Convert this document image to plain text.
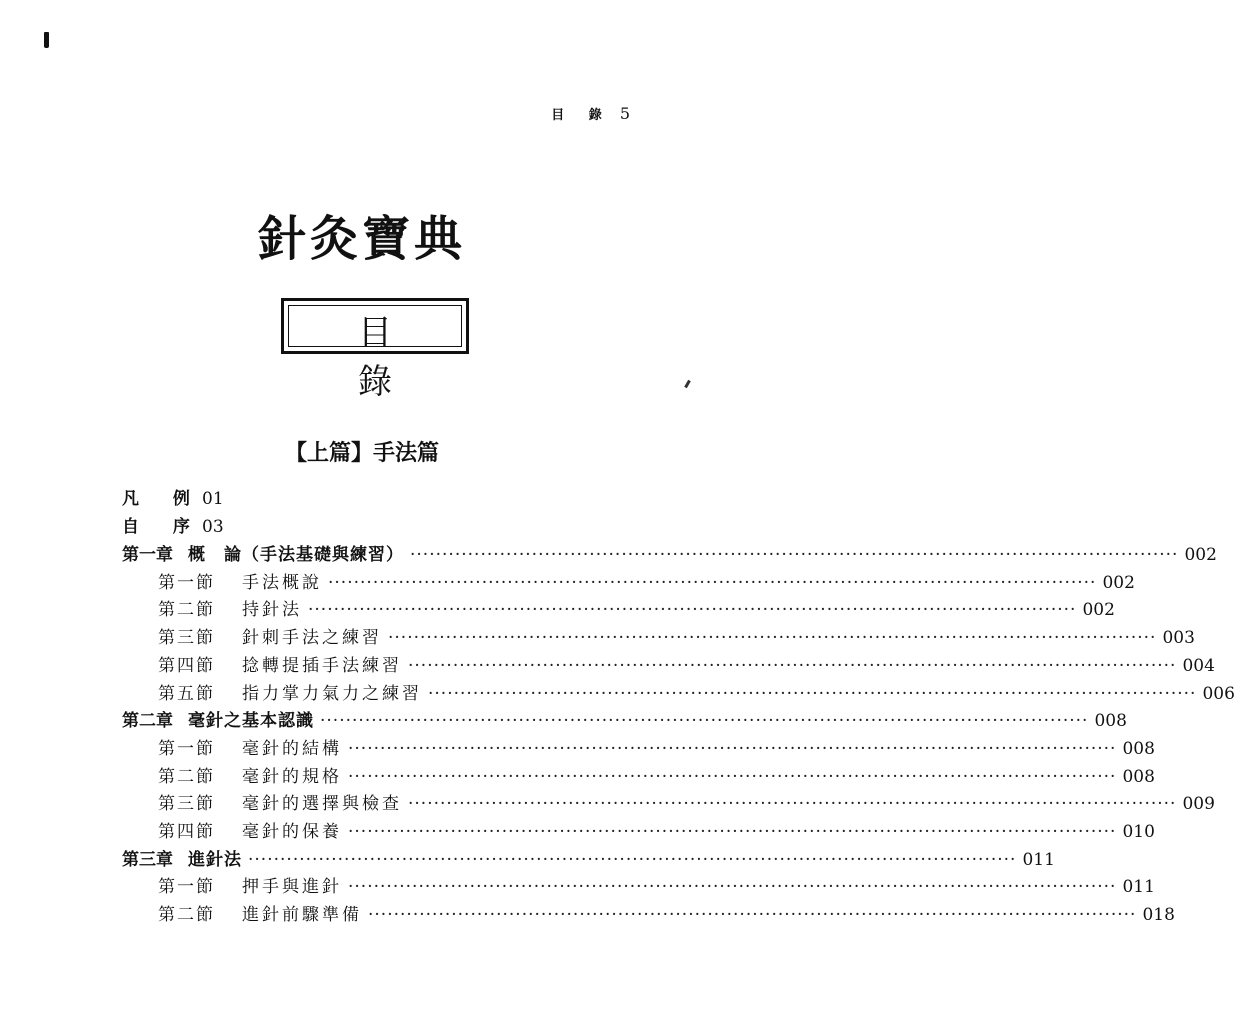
目 錄 5
針灸寶典
目 錄
【上篇】手法篇
凡 例01
自 序03
第一章 概　論（手法基礎與練習） ························································································································ 002
第一節	手法概說 ························································································································ 002
第二節	持針法 ························································································································ 002
第三節	針刺手法之練習 ························································································································ 003
第四節	捻轉提插手法練習 ························································································································ 004
第五節	指力掌力氣力之練習 ························································································································ 006
第二章 毫針之基本認識 ························································································································ 008
第一節	毫針的結構 ························································································································ 008
第二節	毫針的規格 ························································································································ 008
第三節	毫針的選擇與檢查 ························································································································ 009
第四節	毫針的保養 ························································································································ 010
第三章 進針法 ························································································································ 011
第一節	押手與進針 ························································································································ 011
第二節	進針前驟準備 ························································································································ 018
